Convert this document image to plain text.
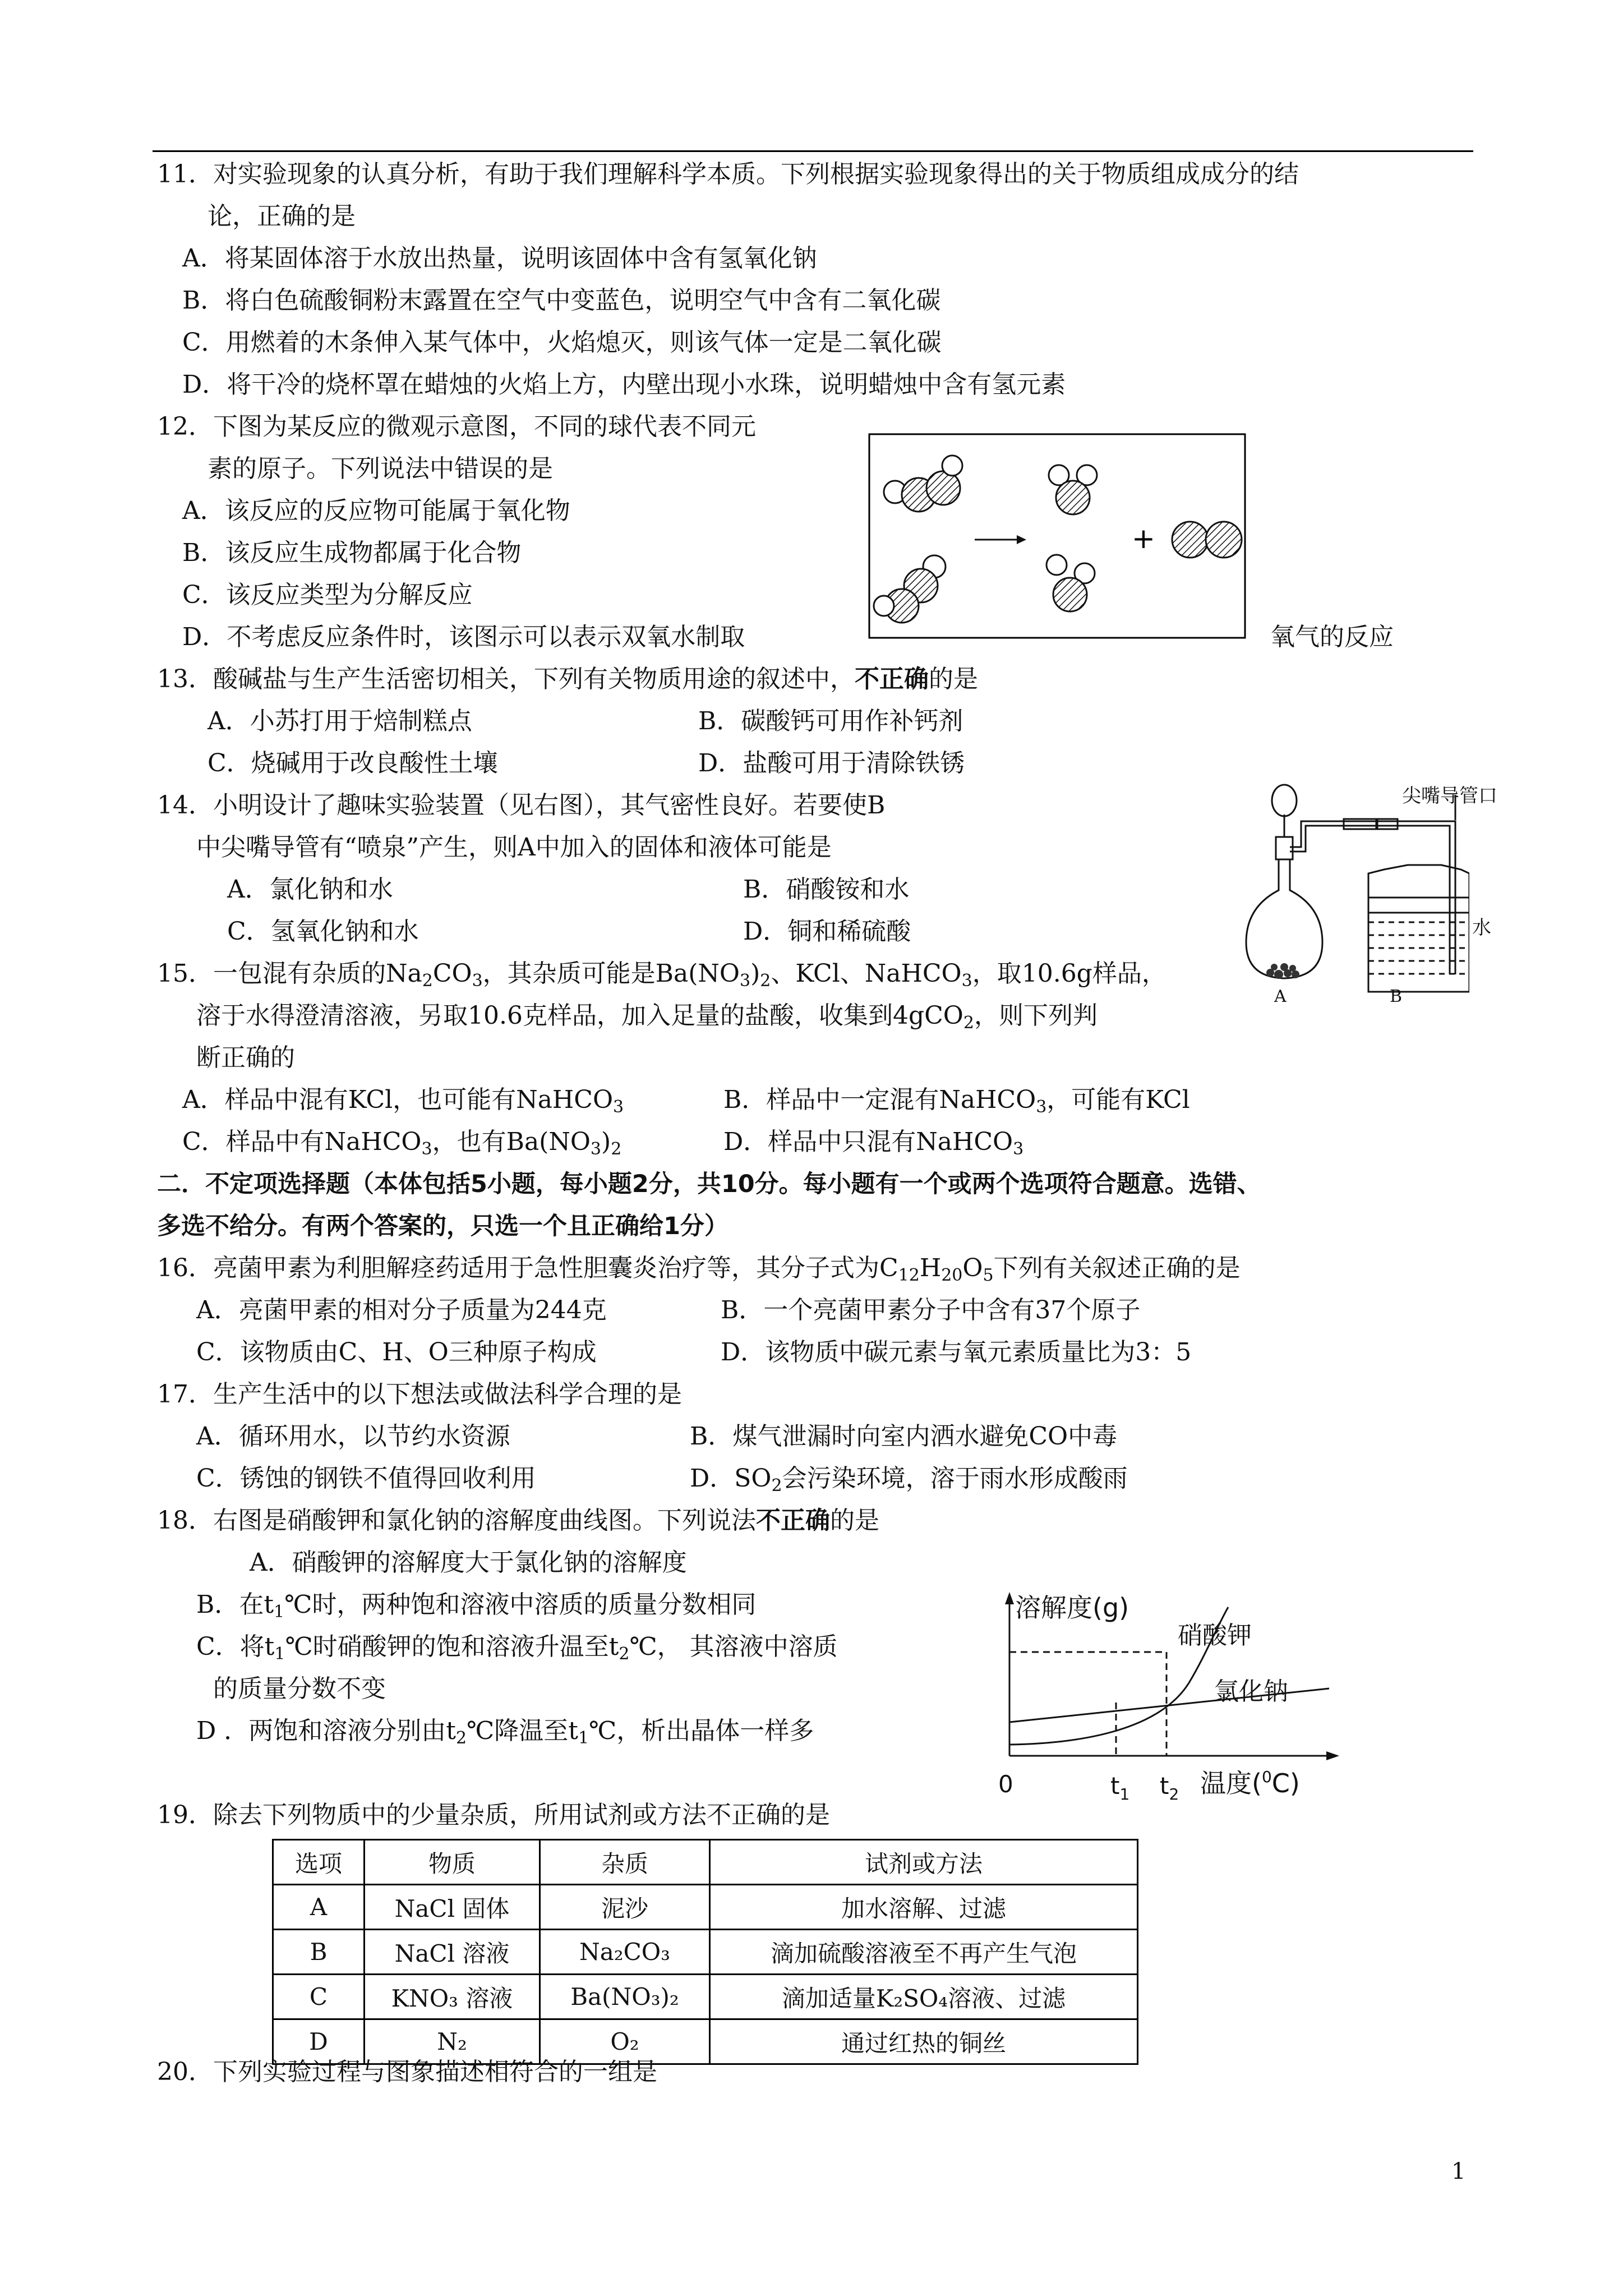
11．对实验现象的认真分析，有助于我们理解科学本质。下列根据实验现象得出的关于物质组成成分的结
论，正确的是
A．将某固体溶于水放出热量，说明该固体中含有氢氧化钠
B．将白色硫酸铜粉末露置在空气中变蓝色，说明空气中含有二氧化碳
C．用燃着的木条伸入某气体中，火焰熄灭，则该气体一定是二氧化碳
D．将干冷的烧杯罩在蜡烛的火焰上方，内壁出现小水珠，说明蜡烛中含有氢元素
12．下图为某反应的微观示意图，不同的球代表不同元
素的原子。下列说法中错误的是
A．该反应的反应物可能属于氧化物
B．该反应生成物都属于化合物
C．该反应类型为分解反应
D．不考虑反应条件时，该图示可以表示双氧水制取	氧气的反应
+
13．酸碱盐与生产生活密切相关，下列有关物质用途的叙述中，不正确的是
A．小苏打用于焙制糕点	B．碳酸钙可用作补钙剂
C．烧碱用于改良酸性土壤	D．盐酸可用于清除铁锈
14．小明设计了趣味实验装置（见右图），其气密性良好。若要使B
中尖嘴导管有“喷泉”产生，则A中加入的固体和液体可能是
A．氯化钠和水	B．硝酸铵和水
C．氢氧化钠和水	D．铜和稀硫酸
尖嘴导管口
水
A	B
15．一包混有杂质的$Na_2CO_3$，其杂质可能是$Ba(NO_3)_2$、KCl、NaHCO$_3$，取10.6g样品，
溶于水得澄清溶液，另取10.6克样品，加入足量的盐酸，收集到4gCO$_2$，则下列判
断正确的
A．样品中混有KCl，也可能有NaHCO$_3$	B．样品中一定混有NaHCO$_3$，可能有KCl
C．样品中有NaHCO$_3$，也有$Ba(NO_3)_2$	D．样品中只混有NaHCO$_3$
二．不定项选择题（本体包括5小题，每小题2分，共10分。每小题有一个或两个选项符合题意。选错、
多选不给分。有两个答案的，只选一个且正确给1分）
16．亮菌甲素为利胆解痉药适用于急性胆囊炎治疗等，其分子式为$C_{12}H_{20}O_5$下列有关叙述正确的是
A．亮菌甲素的相对分子质量为244克	B．一个亮菌甲素分子中含有37个原子
C．该物质由C、H、O三种原子构成	D．该物质中碳元素与氧元素质量比为3：5
17．生产生活中的以下想法或做法科学合理的是
A．循环用水，以节约水资源	B．煤气泄漏时向室内洒水避免CO中毒
C．锈蚀的钢铁不值得回收利用	D．$SO_2$会污染环境，溶于雨水形成酸雨
18．右图是硝酸钾和氯化钠的溶解度曲线图。下列说法不正确的是
A．硝酸钾的溶解度大于氯化钠的溶解度
B．在$t_1℃$时，两种饱和溶液中溶质的质量分数相同
C．将$t_1℃$时硝酸钾的饱和溶液升温至$t_2℃$， 其溶液中溶质
的质量分数不变
D ．两饱和溶液分别由$t_2℃$降温至$t_1℃$，析出晶体一样多
溶解度(g)
硝酸钾
氯化钠
0	$t_1$ $t_2$ 温度($^0$C)
19．除去下列物质中的少量杂质，所用试剂或方法不正确的是
选项	物质	杂质	试剂或方法
A	NaCl 固体	泥沙	加水溶解、过滤
B	NaCl 溶液	Na₂CO₃	滴加硫酸溶液至不再产生气泡
C	KNO₃ 溶液	Ba(NO₃)₂	滴加适量K₂SO₄溶液、过滤
D	N₂	O₂	通过红热的铜丝
20．下列实验过程与图象描述相符合的一组是
1
